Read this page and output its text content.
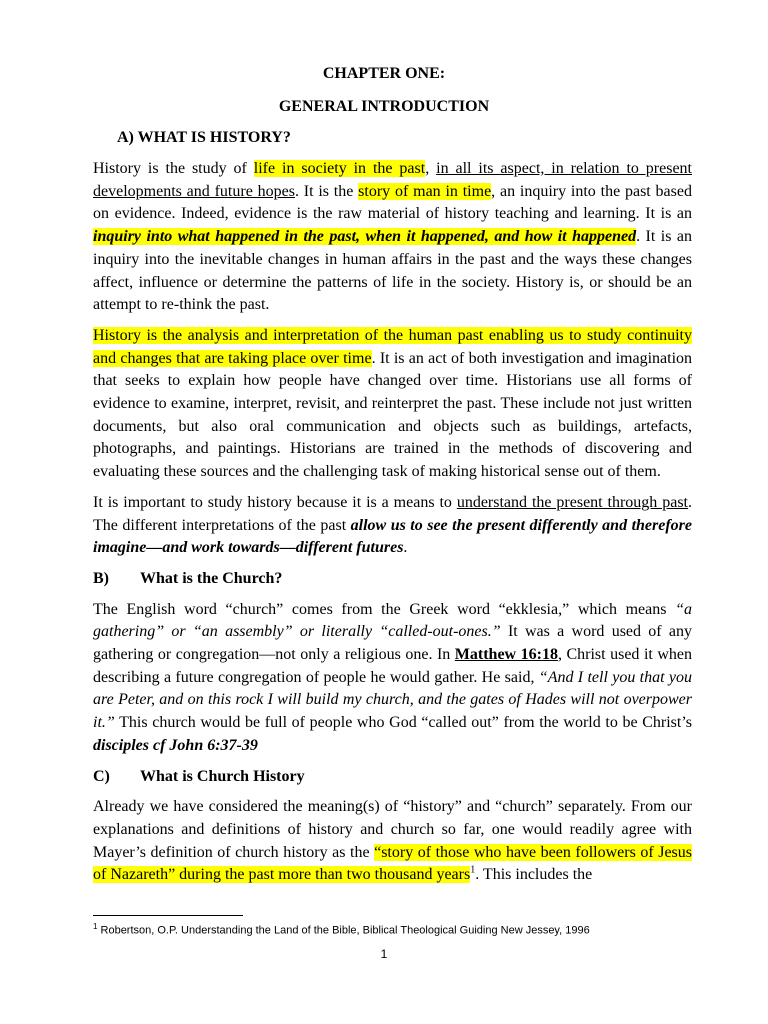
CHAPTER ONE:
GENERAL INTRODUCTION
A) WHAT IS HISTORY?

History is the study of life in society in the past, in all its aspect, in relation to present developments and future hopes. It is the story of man in time, an inquiry into the past based on evidence. Indeed, evidence is the raw material of history teaching and learning. It is an inquiry into what happened in the past, when it happened, and how it happened. It is an inquiry into the inevitable changes in human affairs in the past and the ways these changes affect, influence or determine the patterns of life in the society. History is, or should be an attempt to re-think the past.

History is the analysis and interpretation of the human past enabling us to study continuity and changes that are taking place over time. It is an act of both investigation and imagination that seeks to explain how people have changed over time. Historians use all forms of evidence to examine, interpret, revisit, and reinterpret the past. These include not just written documents, but also oral communication and objects such as buildings, artefacts, photographs, and paintings. Historians are trained in the methods of discovering and evaluating these sources and the challenging task of making historical sense out of them.

It is important to study history because it is a means to understand the present through past. The different interpretations of the past allow us to see the present differently and therefore imagine—and work towards—different futures.

B) What is the Church?

The English word “church” comes from the Greek word “ekklesia,” which means “a gathering” or “an assembly” or literally “called-out-ones.” It was a word used of any gathering or congregation—not only a religious one. In Matthew 16:18, Christ used it when describing a future congregation of people he would gather. He said, “And I tell you that you are Peter, and on this rock I will build my church, and the gates of Hades will not overpower it.” This church would be full of people who God “called out” from the world to be Christ’s disciples cf John 6:37-39

C) What is Church History

Already we have considered the meaning(s) of “history” and “church” separately. From our explanations and definitions of history and church so far, one would readily agree with Mayer’s definition of church history as the “story of those who have been followers of Jesus of Nazareth” during the past more than two thousand years$^1$. This includes the

$^1$ Robertson, O.P. Understanding the Land of the Bible, Biblical Theological Guiding New Jessey, 1996
1
